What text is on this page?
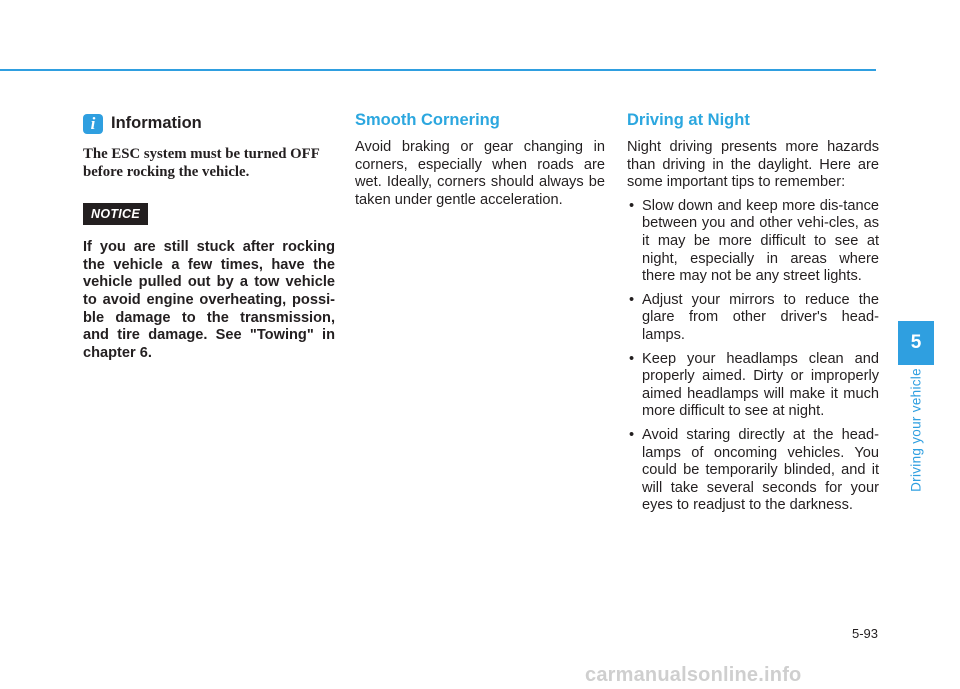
i Information
The ESC system must be turned OFF before rocking the vehicle.
NOTICE
If you are still stuck after rocking the vehicle a few times, have the vehicle pulled out by a tow vehicle to avoid engine overheating, possi-ble damage to the transmission, and tire damage. See "Towing" in chapter 6.
Smooth Cornering

Avoid braking or gear changing in corners, especially when roads are wet. Ideally, corners should always be taken under gentle acceleration.

Driving at Night

Night driving presents more hazards than driving in the daylight. Here are some important tips to remember:

• Slow down and keep more dis-tance between you and other vehi-cles, as it may be more difficult to see at night, especially in areas where there may not be any street lights.
• Adjust your mirrors to reduce the glare from other driver's head-lamps.
• Keep your headlamps clean and properly aimed. Dirty or improperly aimed headlamps will make it much more difficult to see at night.
• Avoid staring directly at the head-lamps of oncoming vehicles. You could be temporarily blinded, and it will take several seconds for your eyes to readjust to the darkness.
5
Driving your vehicle
5-93
carmanualsonline.info
